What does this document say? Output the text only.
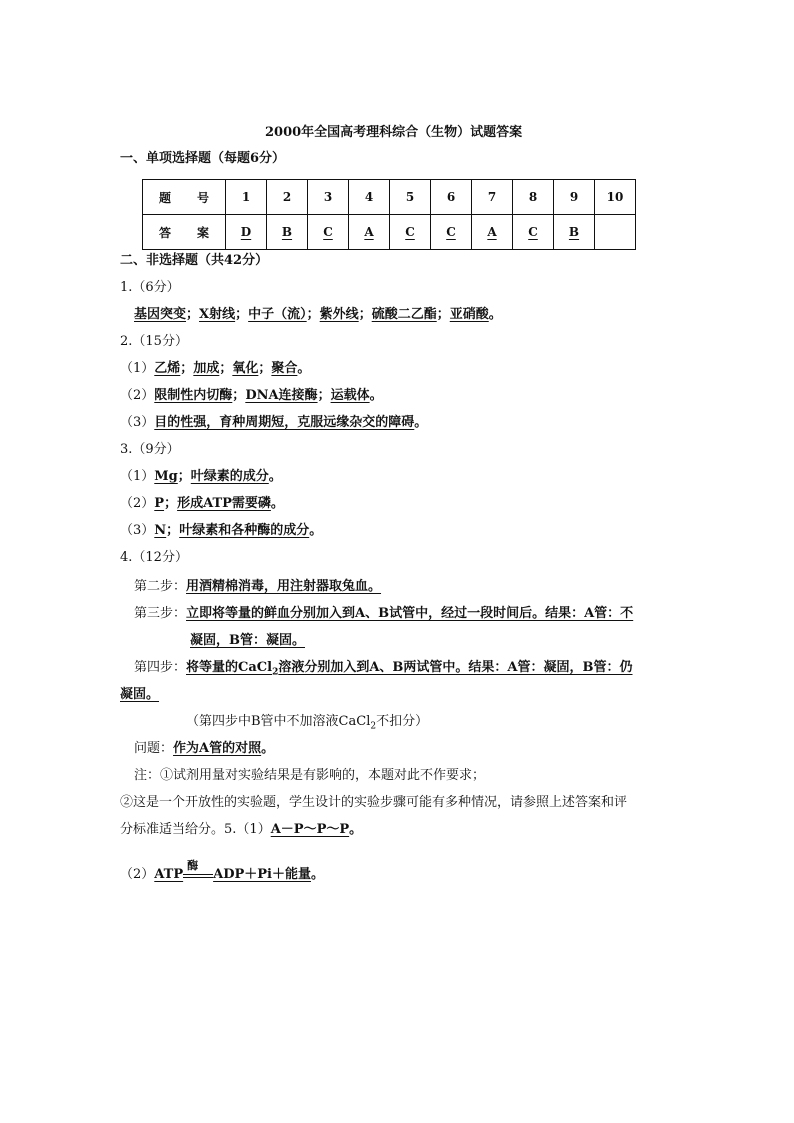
2000年全国高考理科综合（生物）试题答案
一、单项选择题（每题6分）
题 号	1	2	3	4	5	6	7	8	9	10

答 案	D	B	C	A	C	C	A	C	B	
二、非选择题（共42分）
1.（6分）
基因突变；X射线；中子（流）；紫外线；硫酸二乙酯；亚硝酸。
2.（15分）
（1）乙烯；加成；氧化；聚合。
（2）限制性内切酶；DNA连接酶；运载体。
（3）目的性强，育种周期短，克服远缘杂交的障碍。
3.（9分）
（1）Mg；叶绿素的成分。
（2）P；形成ATP需要磷。
（3）N；叶绿素和各种酶的成分。
4.（12分）
第二步：用酒精棉消毒，用注射器取兔血。
第三步：立即将等量的鲜血分别加入到A、B试管中，经过一段时间后。结果：A管：不
凝固，B管：凝固。
第四步：将等量的CaCl$_2$溶液分别加入到A、B两试管中。结果：A管：凝固，B管：仍
凝固。
（第四步中B管中不加溶液CaCl$_2$不扣分）
问题：作为A管的对照。
注：①试剂用量对实验结果是有影响的，本题对此不作要求；
②这是一个开放性的实验题，学生设计的实验步骤可能有多种情况，请参照上述答案和评
分标准适当给分。5.（1）A－P～P～P。
（2）ATP
酶
ADP＋Pi＋能量。
